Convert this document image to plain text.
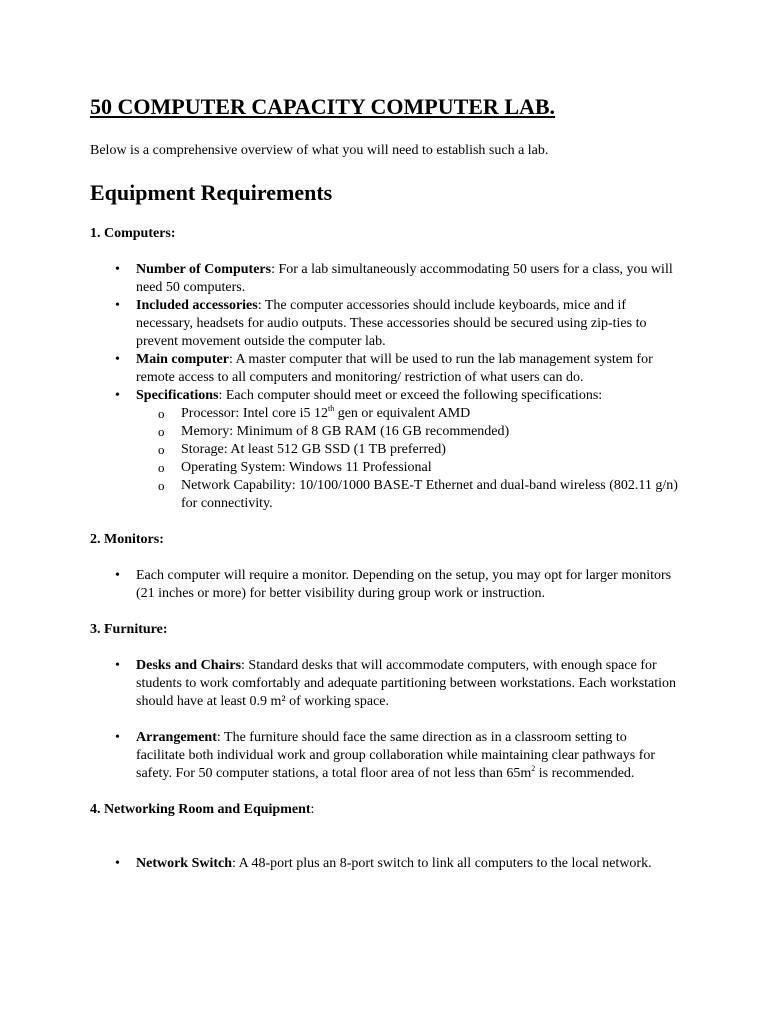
50 COMPUTER CAPACITY COMPUTER LAB.

Below is a comprehensive overview of what you will need to establish such a lab.

Equipment Requirements
1. Computers:
• Number of Computers: For a lab simultaneously accommodating 50 users for a class, you will need 50 computers.
• Included accessories: The computer accessories should include keyboards, mice and if necessary, headsets for audio outputs. These accessories should be secured using zip-ties to prevent movement outside the computer lab.
• Main computer: A master computer that will be used to run the lab management system for remote access to all computers and monitoring/ restriction of what users can do.
• Specifications: Each computer should meet or exceed the following specifications:
o Processor: Intel core i5 12th gen or equivalent AMD
o Memory: Minimum of 8 GB RAM (16 GB recommended)
o Storage: At least 512 GB SSD (1 TB preferred)
o Operating System: Windows 11 Professional
o Network Capability: 10/100/1000 BASE-T Ethernet and dual-band wireless (802.11 g/n) for connectivity.
2. Monitors:
• Each computer will require a monitor. Depending on the setup, you may opt for larger monitors (21 inches or more) for better visibility during group work or instruction.
3. Furniture:
• Desks and Chairs: Standard desks that will accommodate computers, with enough space for students to work comfortably and adequate partitioning between workstations. Each workstation should have at least 0.9 m² of working space.
• Arrangement: The furniture should face the same direction as in a classroom setting to facilitate both individual work and group collaboration while maintaining clear pathways for safety. For 50 computer stations, a total floor area of not less than $65m^2$ is recommended.
4. Networking Room and Equipment:
• Network Switch: A 48-port plus an 8-port switch to link all computers to the local network.
